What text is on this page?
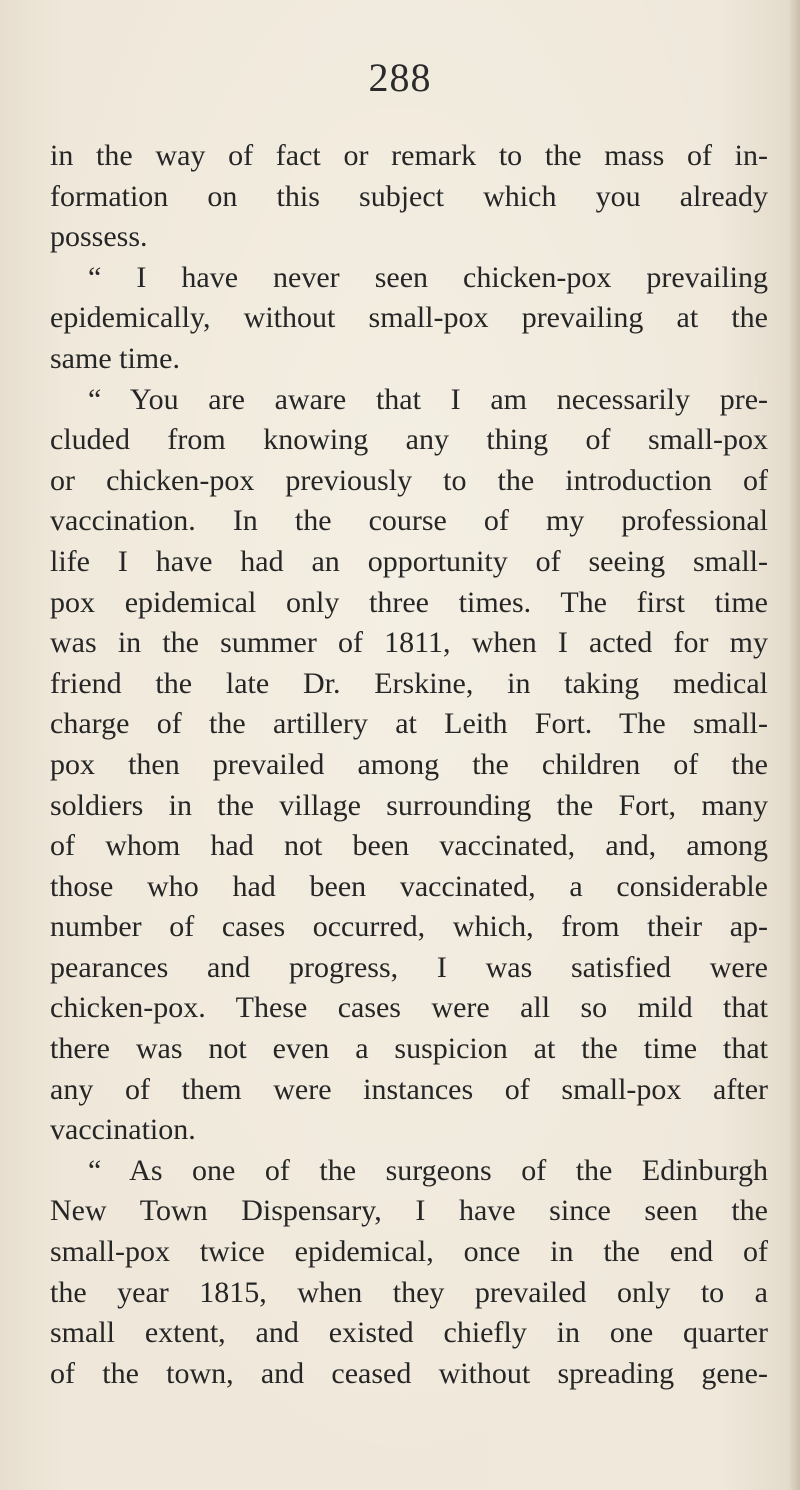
288
in the way of fact or remark to the mass of in-
formation on this subject which you already
possess.
“ I have never seen chicken-pox prevailing
epidemically, without small-pox prevailing at the
same time.
“ You are aware that I am necessarily pre-
cluded from knowing any thing of small-pox
or chicken-pox previously to the introduction of
vaccination. In the course of my professional
life I have had an opportunity of seeing small-
pox epidemical only three times. The first time
was in the summer of 1811, when I acted for my
friend the late Dr. Erskine, in taking medical
charge of the artillery at Leith Fort. The small-
pox then prevailed among the children of the
soldiers in the village surrounding the Fort, many
of whom had not been vaccinated, and, among
those who had been vaccinated, a considerable
number of cases occurred, which, from their ap-
pearances and progress, I was satisfied were
chicken-pox. These cases were all so mild that
there was not even a suspicion at the time that
any of them were instances of small-pox after
vaccination.
“ As one of the surgeons of the Edinburgh
New Town Dispensary, I have since seen the
small-pox twice epidemical, once in the end of
the year 1815, when they prevailed only to a
small extent, and existed chiefly in one quarter
of the town, and ceased without spreading gene-
